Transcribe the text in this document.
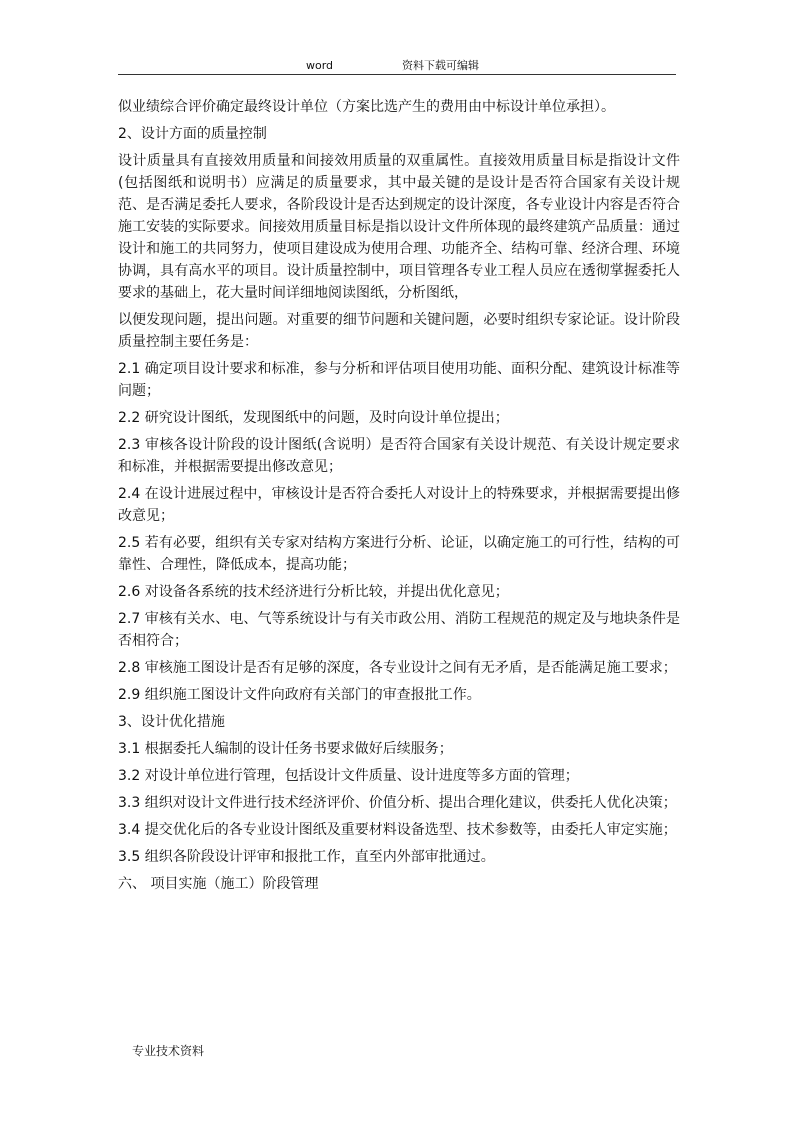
word	资料下载可编辑

似业绩综合评价确定最终设计单位（方案比选产生的费用由中标设计单位承担）。

2、设计方面的质量控制

设计质量具有直接效用质量和间接效用质量的双重属性。直接效用质量目标是指设计文件(包括图纸和说明书）应满足的质量要求，其中最关键的是设计是否符合国家有关设计规范、是否满足委托人要求，各阶段设计是否达到规定的设计深度，各专业设计内容是否符合施工安装的实际要求。间接效用质量目标是指以设计文件所体现的最终建筑产品质量：通过设计和施工的共同努力，使项目建设成为使用合理、功能齐全、结构可靠、经济合理、环境协调，具有高水平的项目。设计质量控制中，项目管理各专业工程人员应在透彻掌握委托人要求的基础上，花大量时间详细地阅读图纸，分析图纸，

以便发现问题，提出问题。对重要的细节问题和关键问题，必要时组织专家论证。设计阶段质量控制主要任务是：

2.1 确定项目设计要求和标准，参与分析和评估项目使用功能、面积分配、建筑设计标准等问题；

2.2 研究设计图纸，发现图纸中的问题，及时向设计单位提出；

2.3 审核各设计阶段的设计图纸(含说明）是否符合国家有关设计规范、有关设计规定要求和标准，并根据需要提出修改意见；

2.4 在设计进展过程中，审核设计是否符合委托人对设计上的特殊要求，并根据需要提出修改意见；

2.5 若有必要，组织有关专家对结构方案进行分析、论证，以确定施工的可行性，结构的可靠性、合理性，降低成本，提高功能；

2.6 对设备各系统的技术经济进行分析比较，并提出优化意见；

2.7 审核有关水、电、气等系统设计与有关市政公用、消防工程规范的规定及与地块条件是否相符合；

2.8 审核施工图设计是否有足够的深度，各专业设计之间有无矛盾，是否能满足施工要求；

2.9 组织施工图设计文件向政府有关部门的审查报批工作。

3、设计优化措施

3.1 根据委托人编制的设计任务书要求做好后续服务；

3.2 对设计单位进行管理，包括设计文件质量、设计进度等多方面的管理；

3.3 组织对设计文件进行技术经济评价、价值分析、提出合理化建议，供委托人优化决策；

3.4 提交优化后的各专业设计图纸及重要材料设备选型、技术参数等，由委托人审定实施；

3.5 组织各阶段设计评审和报批工作，直至内外部审批通过。

六、 项目实施（施工）阶段管理

专业技术资料
